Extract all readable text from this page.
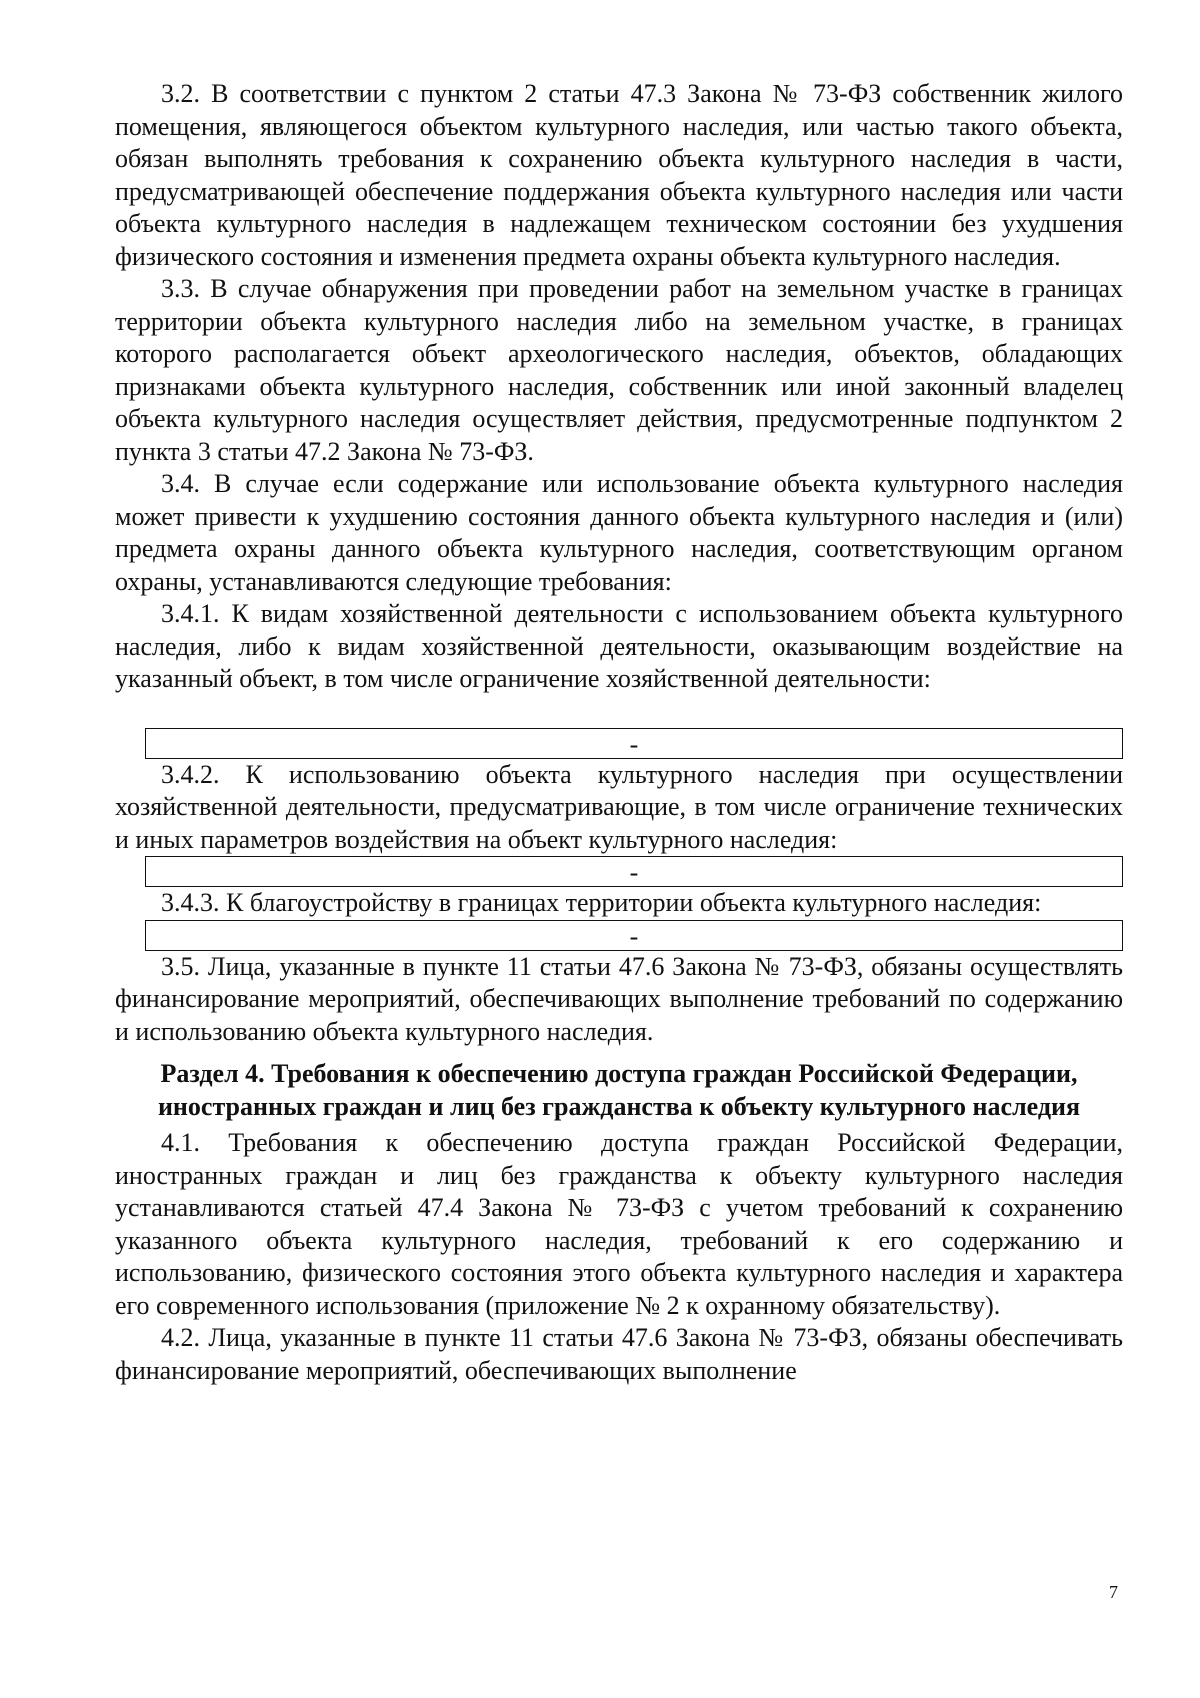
3.2. В соответствии с пунктом 2 статьи 47.3 Закона № 73-ФЗ собственник жилого помещения, являющегося объектом культурного наследия, или частью такого объекта, обязан выполнять требования к сохранению объекта культурного наследия в части, предусматривающей обеспечение поддержания объекта культурного наследия или части объекта культурного наследия в надлежащем техническом состоянии без ухудшения физического состояния и изменения предмета охраны объекта культурного наследия.

3.3. В случае обнаружения при проведении работ на земельном участке в границах территории объекта культурного наследия либо на земельном участке, в границах которого располагается объект археологического наследия, объектов, обладающих признаками объекта культурного наследия, собственник или иной законный владелец объекта культурного наследия осуществляет действия, предусмотренные подпунктом 2 пункта 3 статьи 47.2 Закона № 73-ФЗ.

3.4. В случае если содержание или использование объекта культурного наследия может привести к ухудшению состояния данного объекта культурного наследия и (или) предмета охраны данного объекта культурного наследия, соответствующим органом охраны, устанавливаются следующие требования:

3.4.1. К видам хозяйственной деятельности с использованием объекта культурного наследия, либо к видам хозяйственной деятельности, оказывающим воздействие на указанный объект, в том числе ограничение хозяйственной деятельности:

-

3.4.2. К использованию объекта культурного наследия при осуществлении хозяйственной деятельности, предусматривающие, в том числе ограничение технических и иных параметров воздействия на объект культурного наследия:

-

3.4.3. К благоустройству в границах территории объекта культурного наследия:

-

3.5. Лица, указанные в пункте 11 статьи 47.6 Закона № 73-ФЗ, обязаны осуществлять финансирование мероприятий, обеспечивающих выполнение требований по содержанию и использованию объекта культурного наследия.

Раздел 4. Требования к обеспечению доступа граждан Российской Федерации, иностранных граждан и лиц без гражданства к объекту культурного наследия

4.1. Требования к обеспечению доступа граждан Российской Федерации, иностранных граждан и лиц без гражданства к объекту культурного наследия устанавливаются статьей 47.4 Закона № 73-ФЗ с учетом требований к сохранению указанного объекта культурного наследия, требований к его содержанию и использованию, физического состояния этого объекта культурного наследия и характера его современного использования (приложение № 2 к охранному обязательству).

4.2. Лица, указанные в пункте 11 статьи 47.6 Закона № 73-ФЗ, обязаны обеспечивать финансирование мероприятий, обеспечивающих выполнение

7
